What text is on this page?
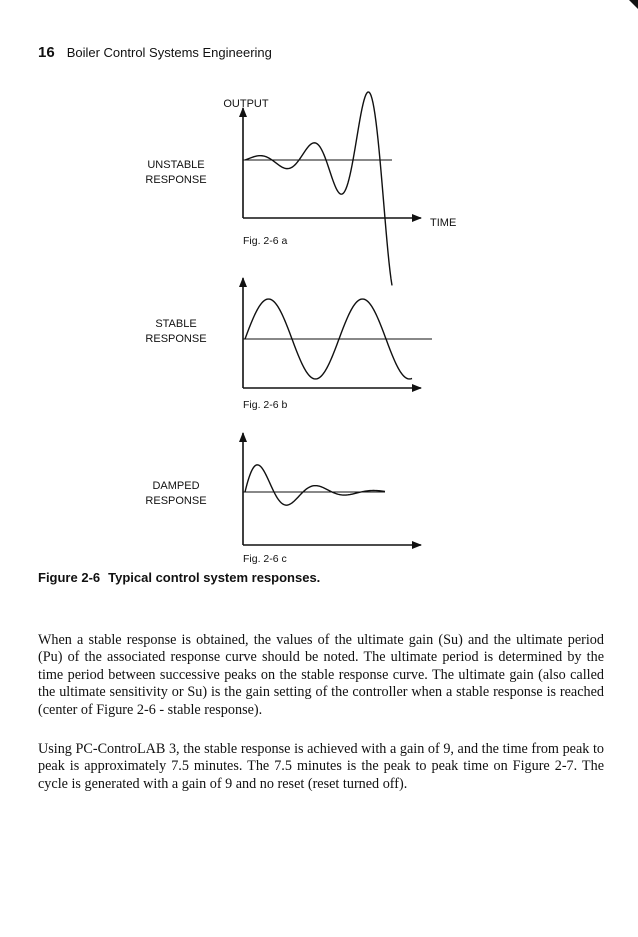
16 Boiler Control Systems Engineering
OUTPUT
TIME
UNSTABLE
RESPONSE
Fig. 2-6 a
STABLE
RESPONSE
Fig. 2-6 b
DAMPED
RESPONSE
Fig. 2-6 c
Figure 2-6 Typical control system responses.

When a stable response is obtained, the values of the ultimate gain (Su) and the ultimate period (Pu) of the associated response curve should be noted. The ultimate period is determined by the time period between successive peaks on the stable response curve. The ultimate gain (also called the ultimate sensitivity or Su) is the gain setting of the controller when a stable response is reached (center of Figure 2-6 - stable response).

Using PC-ControLAB 3, the stable response is achieved with a gain of 9, and the time from peak to peak is approximately 7.5 minutes. The 7.5 minutes is the peak to peak time on Figure 2-7. The cycle is generated with a gain of 9 and no reset (reset turned off).
